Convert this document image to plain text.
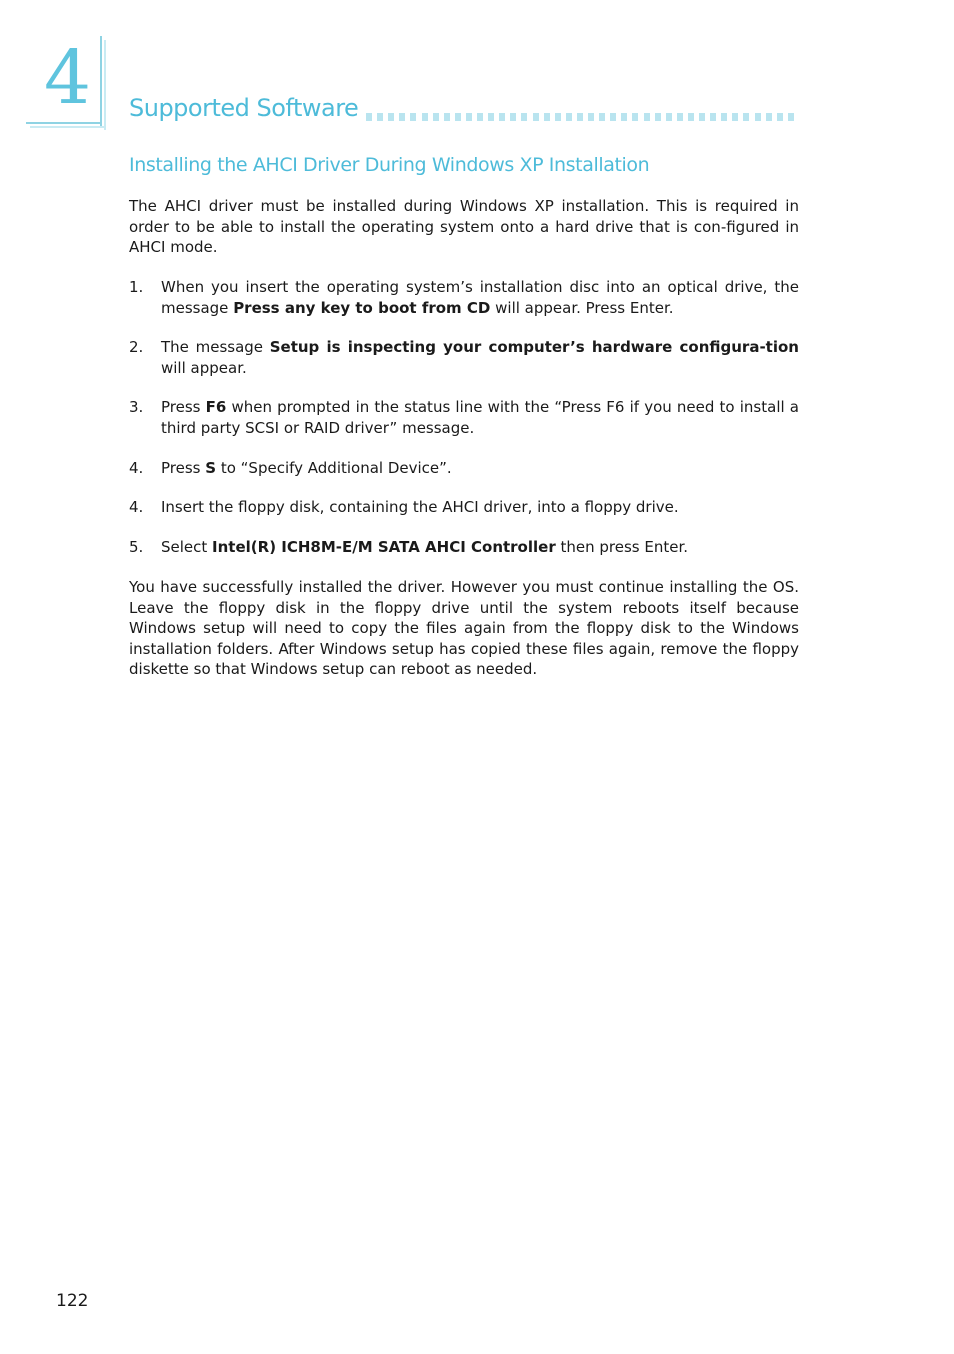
4 Supported Software
Installing the AHCI Driver During Windows XP Installation
The AHCI driver must be installed during Windows XP installation. This is required in order to be able to install the operating system onto a hard drive that is con-figured in AHCI mode.
1.	When you insert the operating system’s installation disc into an optical drive, the message Press any key to boot from CD will appear. Press Enter.
2.	The message Setup is inspecting your computer’s hardware configura-tion will appear.
3.	Press F6 when prompted in the status line with the “Press F6 if you need to install a third party SCSI or RAID driver” message.
4.	Press S to “Specify Additional Device”.
4.	Insert the floppy disk, containing the AHCI driver, into a floppy drive.
5.	Select Intel(R) ICH8M-E/M SATA AHCI Controller then press Enter.
You have successfully installed the driver. However you must continue installing the OS. Leave the floppy disk in the floppy drive until the system reboots itself because Windows setup will need to copy the files again from the floppy disk to the Windows installation folders. After Windows setup has copied these files again, remove the floppy diskette so that Windows setup can reboot as needed.
122
